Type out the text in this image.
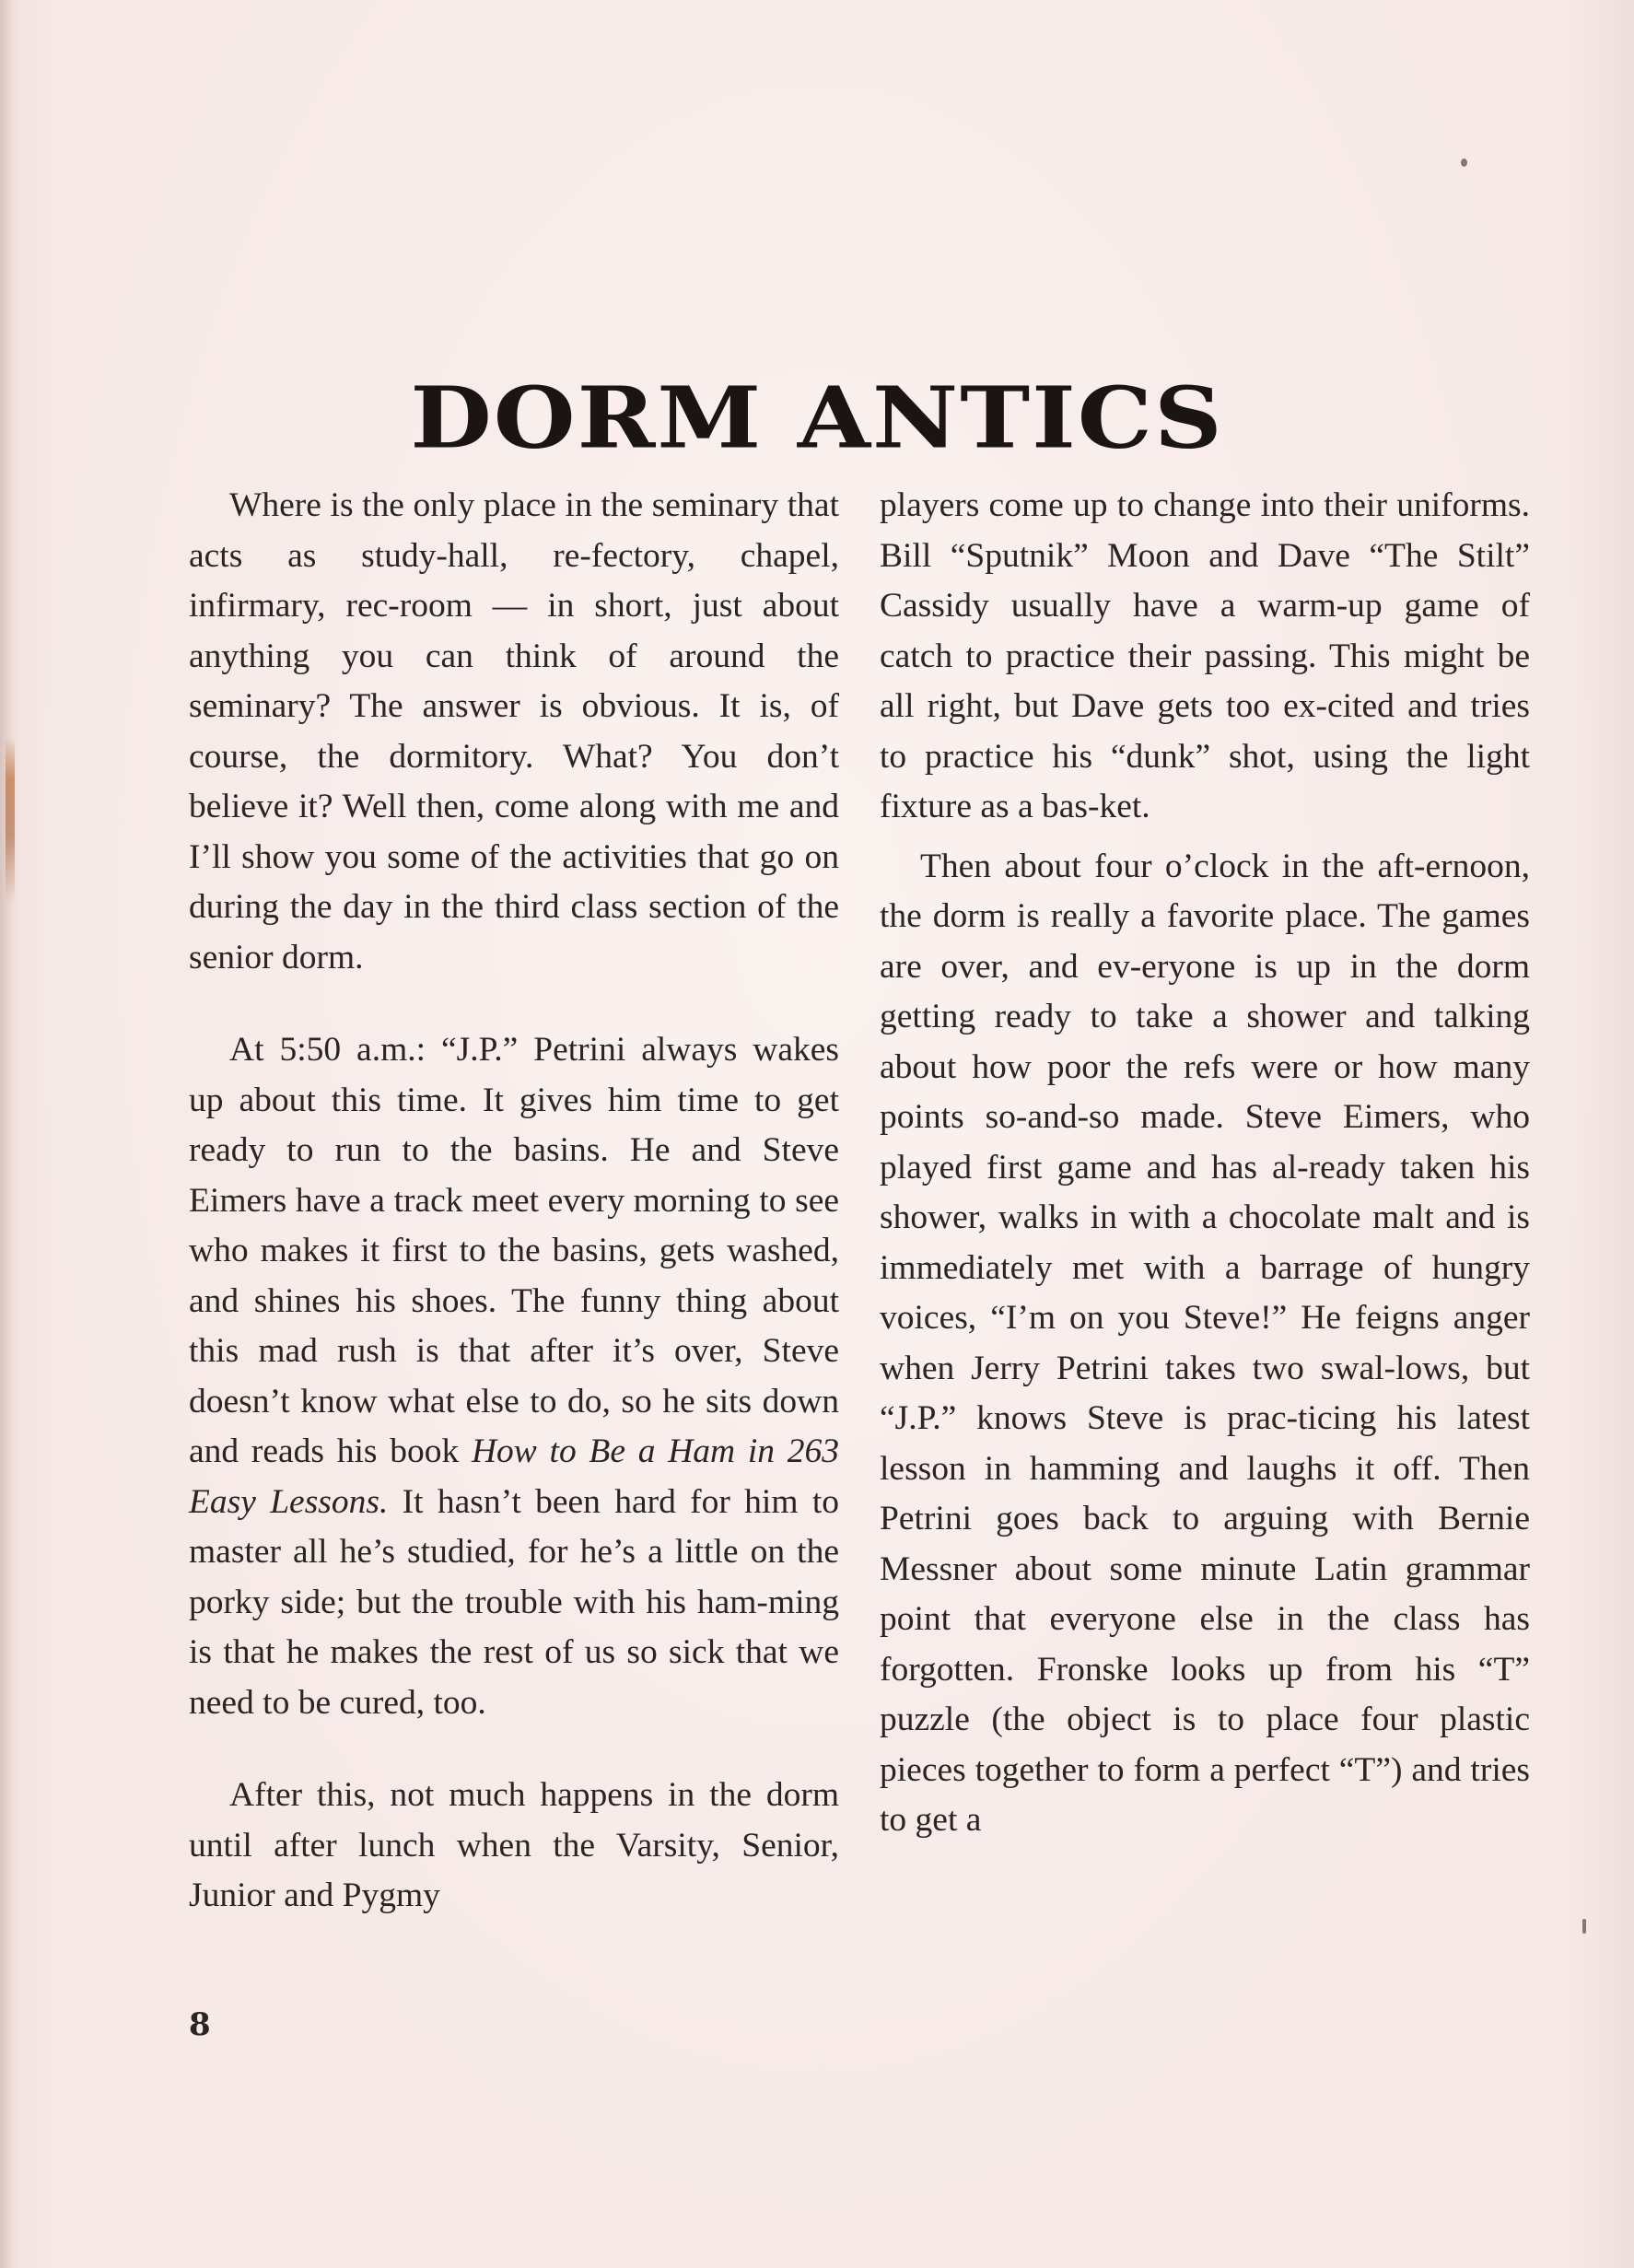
DORM ANTICS

Where is the only place in the seminary that acts as study-hall, re-fectory, chapel, infirmary, rec-room — in short, just about anything you can think of around the seminary? The answer is obvious. It is, of course, the dormitory. What? You don’t believe it? Well then, come along with me and I’ll show you some of the activities that go on during the day in the third class section of the senior dorm.

At 5:50 a.m.: “J.P.” Petrini always wakes up about this time. It gives him time to get ready to run to the basins. He and Steve Eimers have a track meet every morning to see who makes it first to the basins, gets washed, and shines his shoes. The funny thing about this mad rush is that after it’s over, Steve doesn’t know what else to do, so he sits down and reads his book How to Be a Ham in 263 Easy Lessons. It hasn’t been hard for him to master all he’s studied, for he’s a little on the porky side; but the trouble with his ham-ming is that he makes the rest of us so sick that we need to be cured, too.

After this, not much happens in the dorm until after lunch when the Varsity, Senior, Junior and Pygmy

players come up to change into their uniforms. Bill “Sputnik” Moon and Dave “The Stilt” Cassidy usually have a warm-up game of catch to practice their passing. This might be all right, but Dave gets too ex-cited and tries to practice his “dunk” shot, using the light fixture as a bas-ket.

Then about four o’clock in the aft-ernoon, the dorm is really a favorite place. The games are over, and ev-eryone is up in the dorm getting ready to take a shower and talking about how poor the refs were or how many points so-and-so made. Steve Eimers, who played first game and has al-ready taken his shower, walks in with a chocolate malt and is immediately met with a barrage of hungry voices, “I’m on you Steve!” He feigns anger when Jerry Petrini takes two swal-lows, but “J.P.” knows Steve is prac-ticing his latest lesson in hamming and laughs it off. Then Petrini goes back to arguing with Bernie Messner about some minute Latin grammar point that everyone else in the class has forgotten. Fronske looks up from his “T” puzzle (the object is to place four plastic pieces together to form a perfect “T”) and tries to get a

8
